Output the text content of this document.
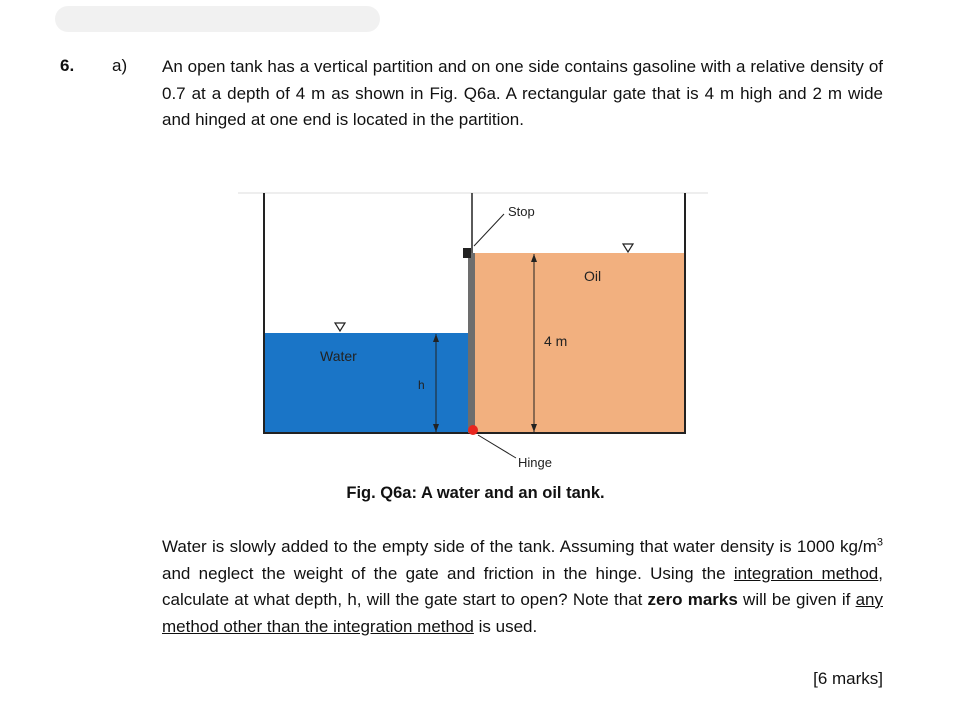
6. a) An open tank has a vertical partition and on one side contains gasoline with a relative density of 0.7 at a depth of 4 m as shown in Fig. Q6a. A rectangular gate that is 4 m high and 2 m wide and hinged at one end is located in the partition.

Stop
Oil
4 m
Water
h
Hinge
Fig. Q6a: A water and an oil tank.

Water is slowly added to the empty side of the tank. Assuming that water density is 1000 $kg/m^3$ and neglect the weight of the gate and friction in the hinge. Using the integration method, calculate at what depth, h, will the gate start to open? Note that zero marks will be given if any method other than the integration method is used.

[6 marks]
